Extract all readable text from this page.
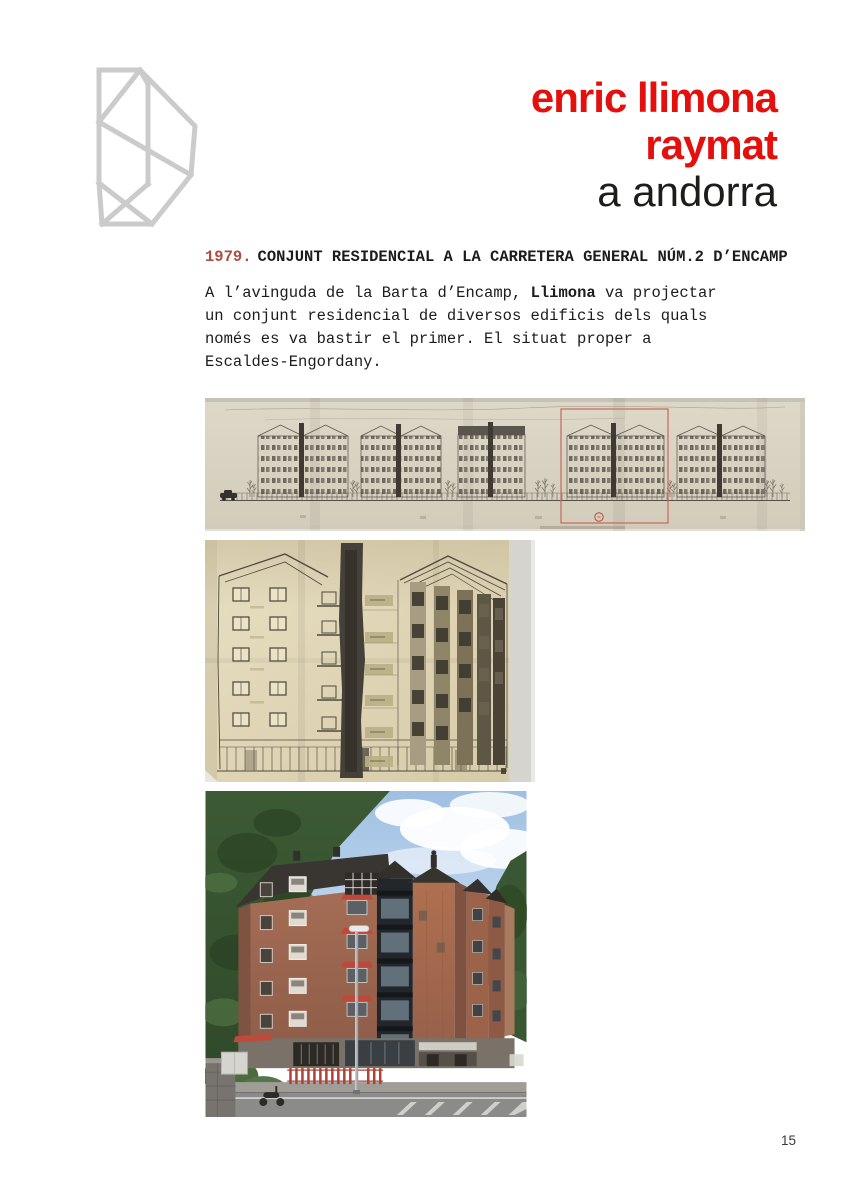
enric llimona
raymat
a andorra
1979. CONJUNT RESIDENCIAL A LA CARRETERA GENERAL NÚM.2 D’ENCAMP
A l’avinguda de la Barta d’Encamp, Llimona va projectar
un conjunt residencial de diversos edificis dels quals
només es va bastir el primer. El situat proper a
Escaldes-Engordany.
15
